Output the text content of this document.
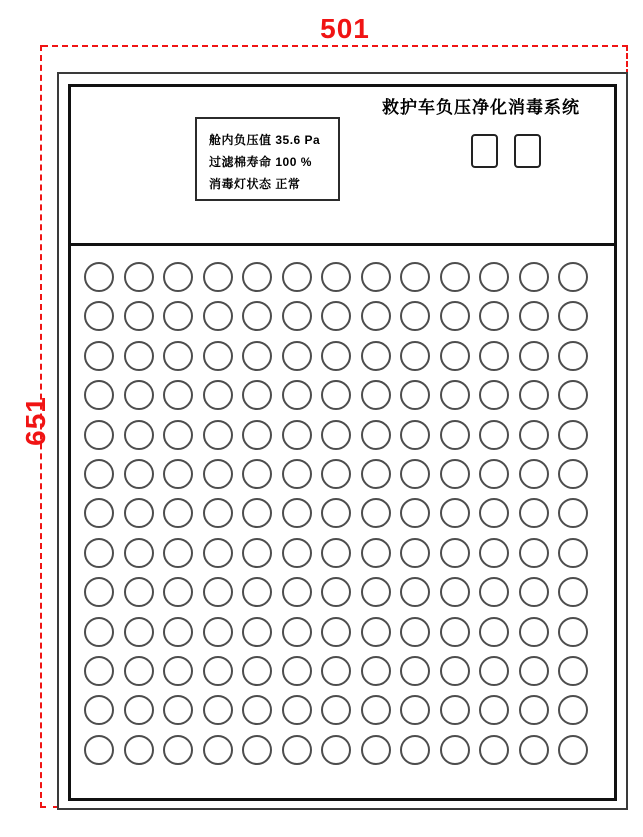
501
651
救护车负压净化消毒系统
舱内负压值 35.6 Pa
过滤棉寿命 100 %
消毒灯状态 正常
